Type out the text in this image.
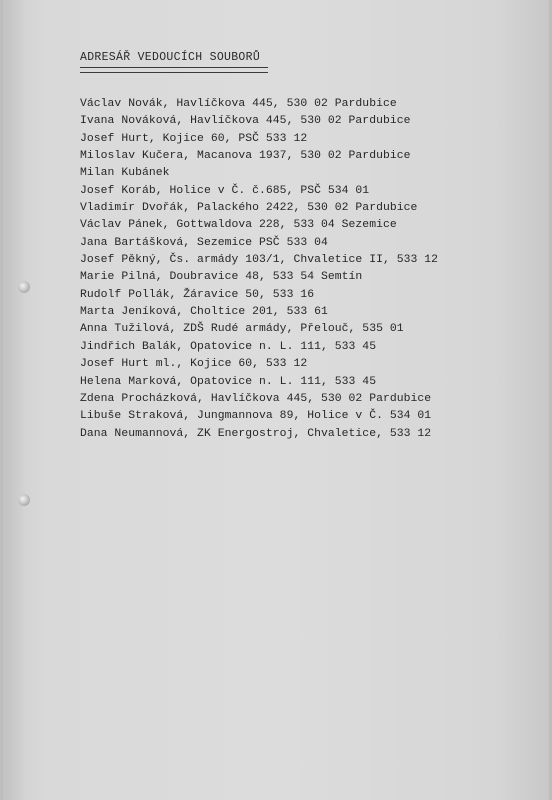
ADRESÁŘ VEDOUCÍCH SOUBORŮ
Václav Novák, Havlíčkova 445, 530 02 Pardubice
Ivana Nováková, Havlíčkova 445, 530 02 Pardubice
Josef Hurt, Kojice 60, PSČ 533 12
Miloslav Kučera, Macanova 1937, 530 02 Pardubice
Milan Kubánek
Josef Koráb, Holice v Č. č.685, PSČ 534 01
Vladimír Dvořák, Palackého 2422, 530 02 Pardubice
Václav Pánek, Gottwaldova 228, 533 04 Sezemice
Jana Bartášková, Sezemice PSČ 533 04
Josef Pěkný, Čs. armády 103/1, Chvaletice II, 533 12
Marie Pilná, Doubravice 48, 533 54 Semtín
Rudolf Pollák, Žáravice 50, 533 16
Marta Jeníková, Choltice 201, 533 61
Anna Tužilová, ZDŠ Rudé armády, Přelouč, 535 01
Jindřich Balák, Opatovice n. L. 111, 533 45
Josef Hurt ml., Kojice 60, 533 12
Helena Marková, Opatovice n. L. 111, 533 45
Zdena Procházková, Havlíčkova 445, 530 02 Pardubice
Libuše Straková, Jungmannova 89, Holice v Č. 534 01
Dana Neumannová, ZK Energostroj, Chvaletice, 533 12
